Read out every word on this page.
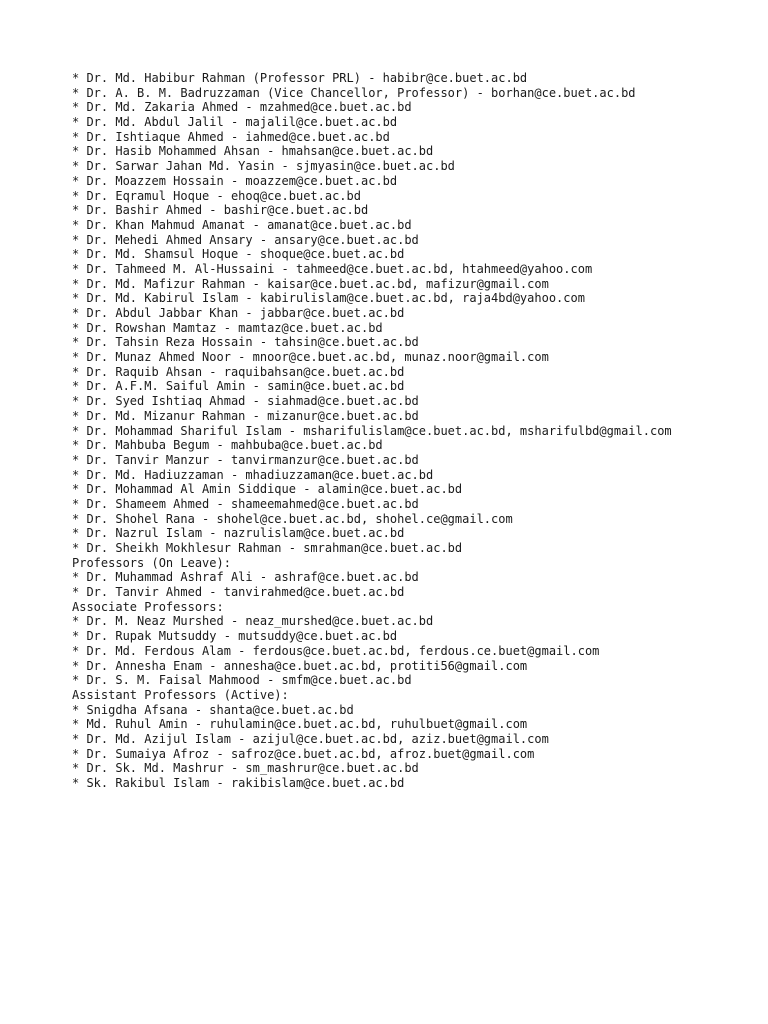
* Dr. Md. Habibur Rahman (Professor PRL) - habibr@ce.buet.ac.bd
* Dr. A. B. M. Badruzzaman (Vice Chancellor, Professor) - borhan@ce.buet.ac.bd
* Dr. Md. Zakaria Ahmed - mzahmed@ce.buet.ac.bd
* Dr. Md. Abdul Jalil - majalil@ce.buet.ac.bd
* Dr. Ishtiaque Ahmed - iahmed@ce.buet.ac.bd
* Dr. Hasib Mohammed Ahsan - hmahsan@ce.buet.ac.bd
* Dr. Sarwar Jahan Md. Yasin - sjmyasin@ce.buet.ac.bd
* Dr. Moazzem Hossain - moazzem@ce.buet.ac.bd
* Dr. Eqramul Hoque - ehoq@ce.buet.ac.bd
* Dr. Bashir Ahmed - bashir@ce.buet.ac.bd
* Dr. Khan Mahmud Amanat - amanat@ce.buet.ac.bd
* Dr. Mehedi Ahmed Ansary - ansary@ce.buet.ac.bd
* Dr. Md. Shamsul Hoque - shoque@ce.buet.ac.bd
* Dr. Tahmeed M. Al-Hussaini - tahmeed@ce.buet.ac.bd, htahmeed@yahoo.com
* Dr. Md. Mafizur Rahman - kaisar@ce.buet.ac.bd, mafizur@gmail.com
* Dr. Md. Kabirul Islam - kabirulislam@ce.buet.ac.bd, raja4bd@yahoo.com
* Dr. Abdul Jabbar Khan - jabbar@ce.buet.ac.bd
* Dr. Rowshan Mamtaz - mamtaz@ce.buet.ac.bd
* Dr. Tahsin Reza Hossain - tahsin@ce.buet.ac.bd
* Dr. Munaz Ahmed Noor - mnoor@ce.buet.ac.bd, munaz.noor@gmail.com
* Dr. Raquib Ahsan - raquibahsan@ce.buet.ac.bd
* Dr. A.F.M. Saiful Amin - samin@ce.buet.ac.bd
* Dr. Syed Ishtiaq Ahmad - siahmad@ce.buet.ac.bd
* Dr. Md. Mizanur Rahman - mizanur@ce.buet.ac.bd
* Dr. Mohammad Shariful Islam - msharifulislam@ce.buet.ac.bd, msharifulbd@gmail.com
* Dr. Mahbuba Begum - mahbuba@ce.buet.ac.bd
* Dr. Tanvir Manzur - tanvirmanzur@ce.buet.ac.bd
* Dr. Md. Hadiuzzaman - mhadiuzzaman@ce.buet.ac.bd
* Dr. Mohammad Al Amin Siddique - alamin@ce.buet.ac.bd
* Dr. Shameem Ahmed - shameemahmed@ce.buet.ac.bd
* Dr. Shohel Rana - shohel@ce.buet.ac.bd, shohel.ce@gmail.com
* Dr. Nazrul Islam - nazrulislam@ce.buet.ac.bd
* Dr. Sheikh Mokhlesur Rahman - smrahman@ce.buet.ac.bd
Professors (On Leave):
* Dr. Muhammad Ashraf Ali - ashraf@ce.buet.ac.bd
* Dr. Tanvir Ahmed - tanvirahmed@ce.buet.ac.bd
Associate Professors:
* Dr. M. Neaz Murshed - neaz_murshed@ce.buet.ac.bd
* Dr. Rupak Mutsuddy - mutsuddy@ce.buet.ac.bd
* Dr. Md. Ferdous Alam - ferdous@ce.buet.ac.bd, ferdous.ce.buet@gmail.com
* Dr. Annesha Enam - annesha@ce.buet.ac.bd, protiti56@gmail.com
* Dr. S. M. Faisal Mahmood - smfm@ce.buet.ac.bd
Assistant Professors (Active):
* Snigdha Afsana - shanta@ce.buet.ac.bd
* Md. Ruhul Amin - ruhulamin@ce.buet.ac.bd, ruhulbuet@gmail.com
* Dr. Md. Azijul Islam - azijul@ce.buet.ac.bd, aziz.buet@gmail.com
* Dr. Sumaiya Afroz - safroz@ce.buet.ac.bd, afroz.buet@gmail.com
* Dr. Sk. Md. Mashrur - sm_mashrur@ce.buet.ac.bd
* Sk. Rakibul Islam - rakibislam@ce.buet.ac.bd
